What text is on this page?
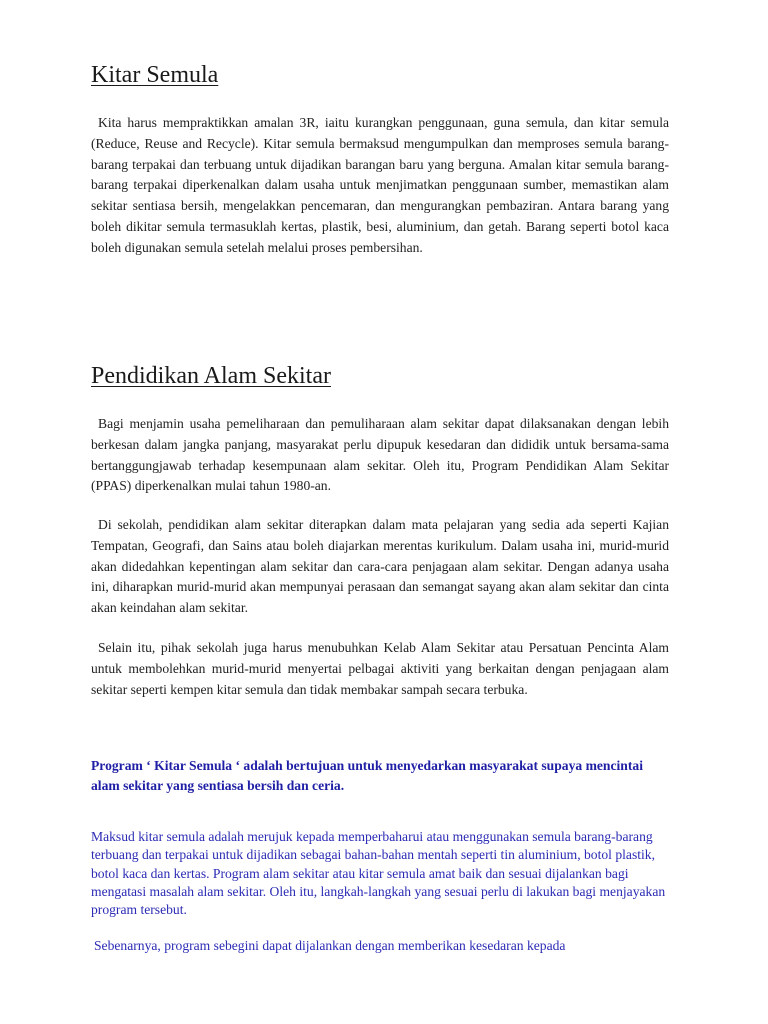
Kitar Semula

Kita harus mempraktikkan amalan 3R, iaitu kurangkan penggunaan, guna semula, dan kitar semula (Reduce, Reuse and Recycle). Kitar semula bermaksud mengumpulkan dan memproses semula barang-barang terpakai dan terbuang untuk dijadikan barangan baru yang berguna. Amalan kitar semula barang-barang terpakai diperkenalkan dalam usaha untuk menjimatkan penggunaan sumber, memastikan alam sekitar sentiasa bersih, mengelakkan pencemaran, dan mengurangkan pembaziran. Antara barang yang boleh dikitar semula termasuklah kertas, plastik, besi, aluminium, dan getah. Barang seperti botol kaca boleh digunakan semula setelah melalui proses pembersihan.

Pendidikan Alam Sekitar

Bagi menjamin usaha pemeliharaan dan pemuliharaan alam sekitar dapat dilaksanakan dengan lebih berkesan dalam jangka panjang, masyarakat perlu dipupuk kesedaran dan dididik untuk bersama-sama bertanggungjawab terhadap kesempunaan alam sekitar. Oleh itu, Program Pendidikan Alam Sekitar (PPAS) diperkenalkan mulai tahun 1980-an.

Di sekolah, pendidikan alam sekitar diterapkan dalam mata pelajaran yang sedia ada seperti Kajian Tempatan, Geografi, dan Sains atau boleh diajarkan merentas kurikulum. Dalam usaha ini, murid-murid akan didedahkan kepentingan alam sekitar dan cara-cara penjagaan alam sekitar. Dengan adanya usaha ini, diharapkan murid-murid akan mempunyai perasaan dan semangat sayang akan alam sekitar dan cinta akan keindahan alam sekitar.

Selain itu, pihak sekolah juga harus menubuhkan Kelab Alam Sekitar atau Persatuan Pencinta Alam untuk membolehkan murid-murid menyertai pelbagai aktiviti yang berkaitan dengan penjagaan alam sekitar seperti kempen kitar semula dan tidak membakar sampah secara terbuka.

Program ‘ Kitar Semula ‘ adalah bertujuan untuk menyedarkan masyarakat supaya mencintai alam sekitar yang sentiasa bersih dan ceria.

Maksud kitar semula adalah merujuk kepada memperbaharui atau menggunakan semula barang-barang terbuang dan terpakai untuk dijadikan sebagai bahan-bahan mentah seperti tin aluminium, botol plastik, botol kaca dan kertas. Program alam sekitar atau kitar semula amat baik dan sesuai dijalankan bagi mengatasi masalah alam sekitar. Oleh itu, langkah-langkah yang sesuai perlu di lakukan bagi menjayakan program tersebut.

Sebenarnya, program sebegini dapat dijalankan dengan memberikan kesedaran kepada
